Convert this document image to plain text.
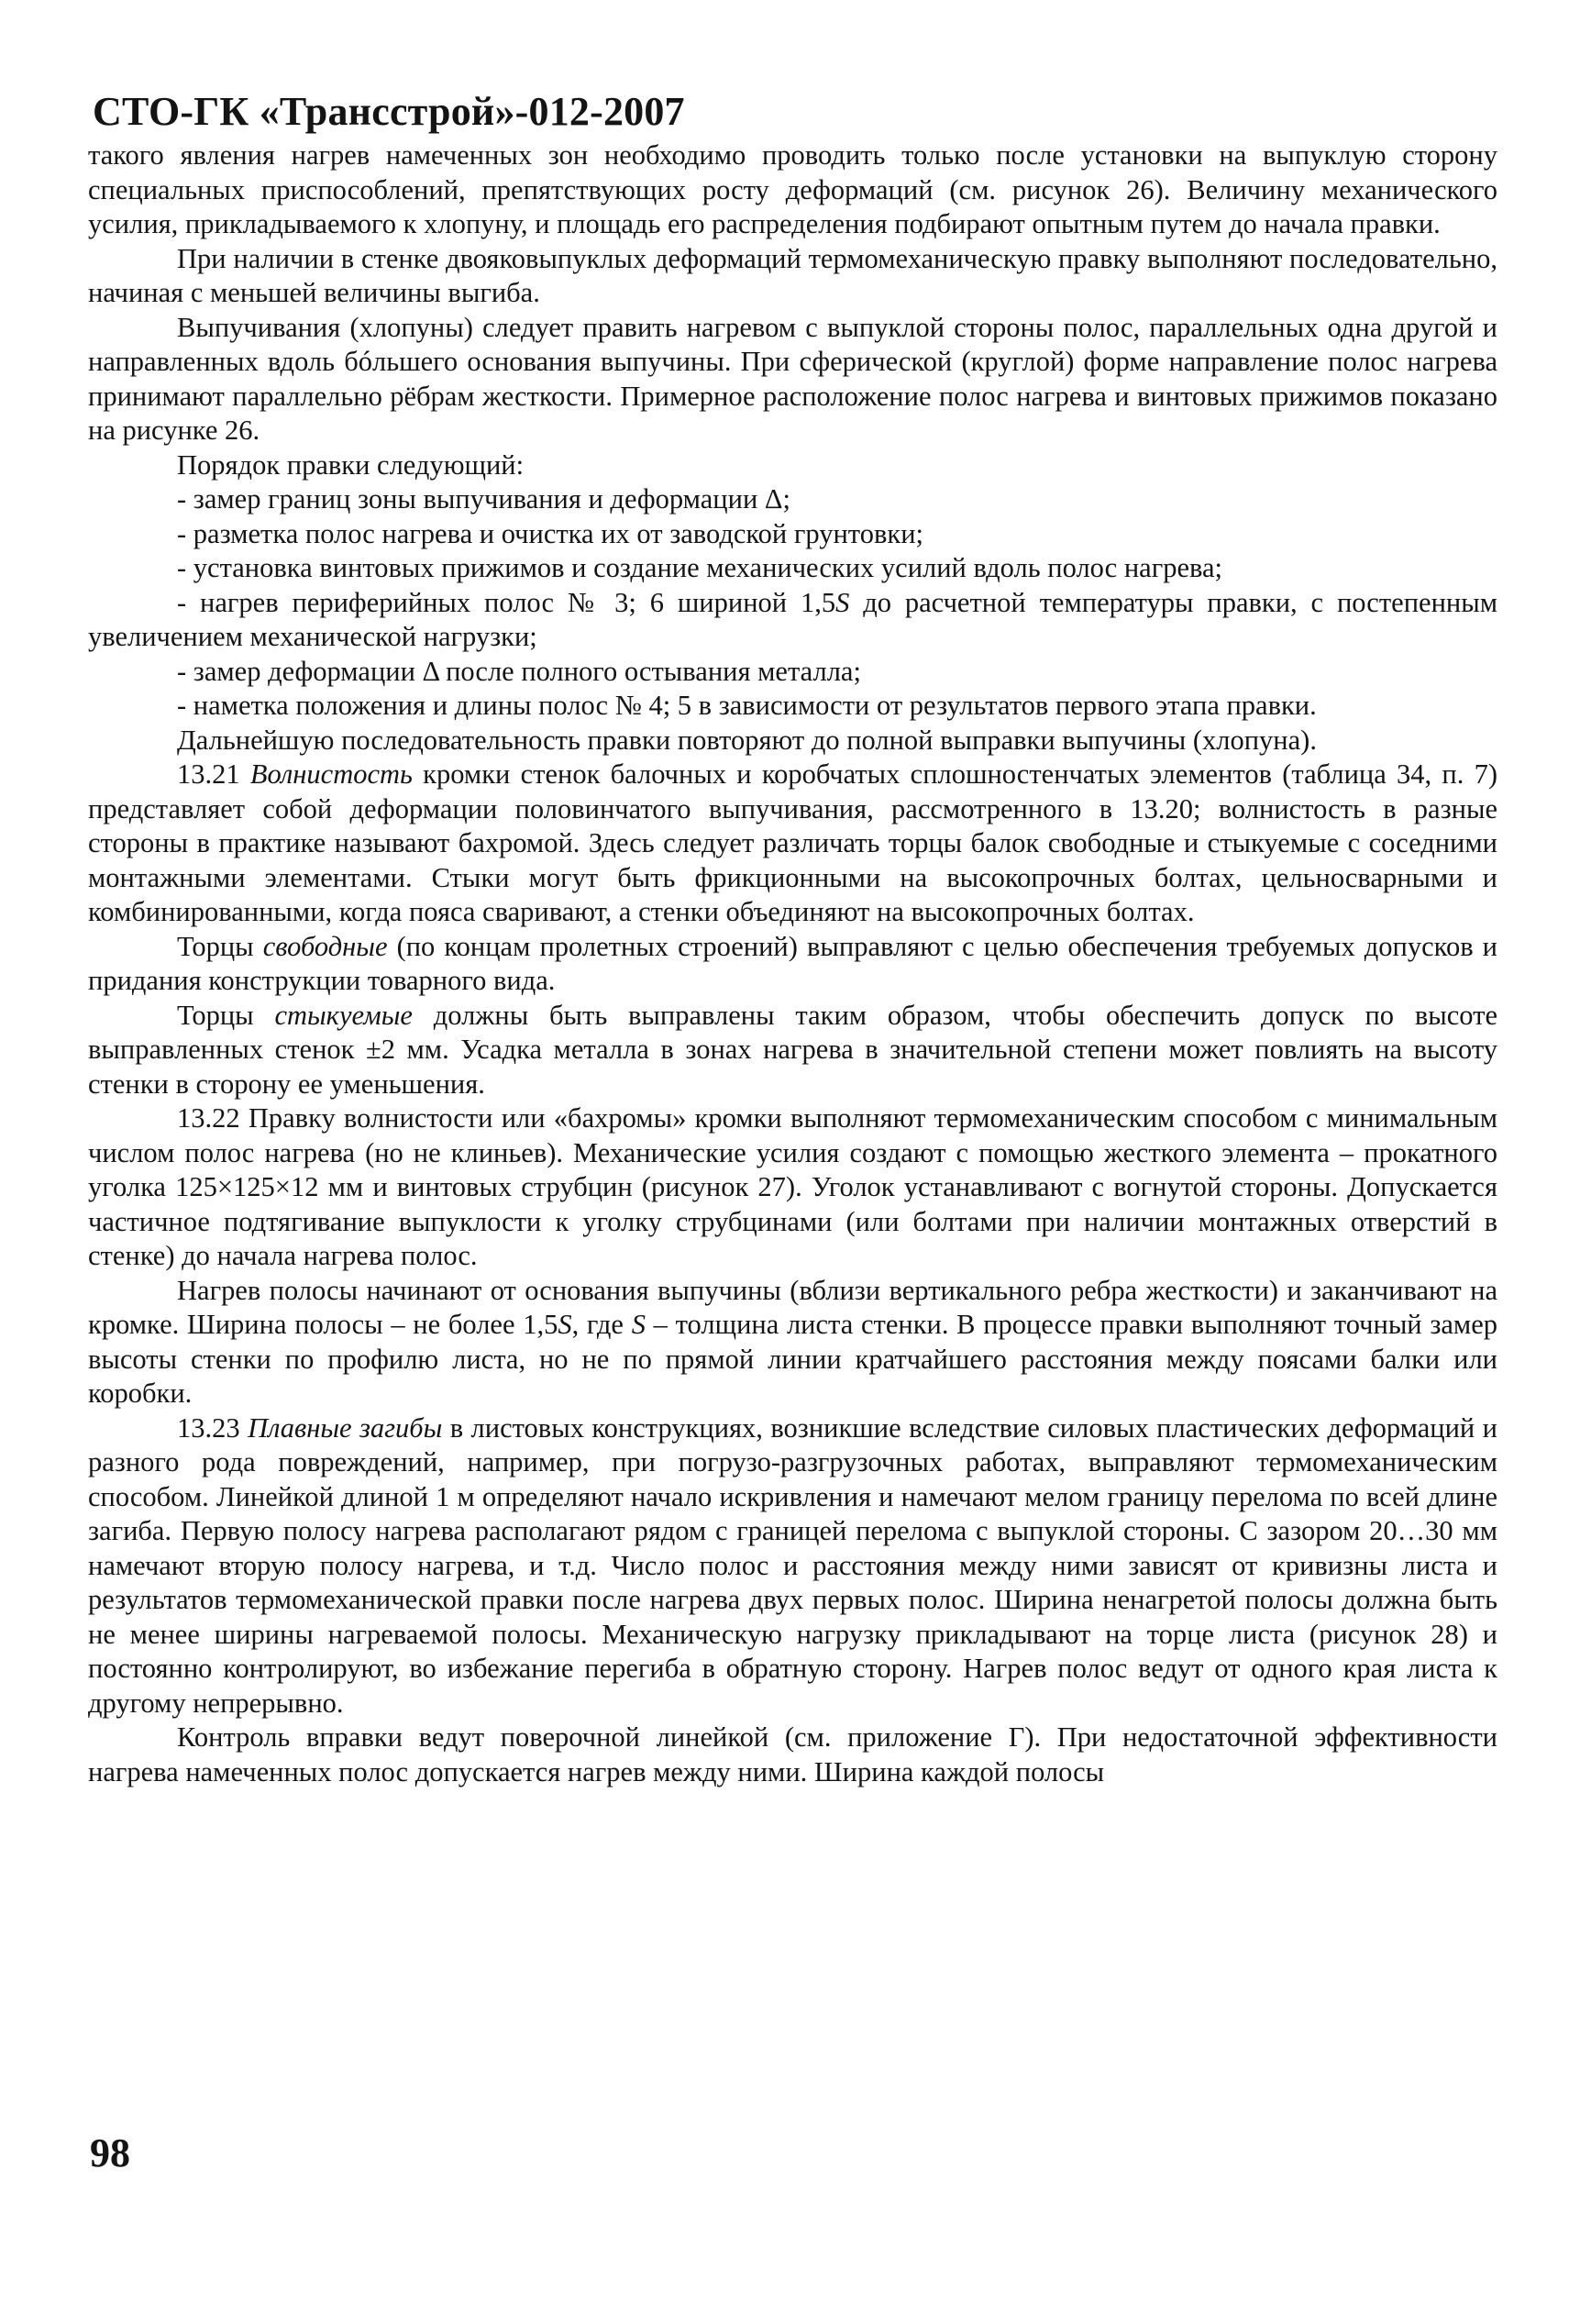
СТО-ГК «Трансстрой»-012-2007

такого явления нагрев намеченных зон необходимо проводить только после установки на выпуклую сторону специальных приспособлений, препятствующих росту деформаций (см. рисунок 26). Величину механического усилия, прикладываемого к хлопуну, и площадь его распределения подбирают опытным путем до начала правки.

При наличии в стенке двояковыпуклых деформаций термомеханическую правку выполняют последовательно, начиная с меньшей величины выгиба.

Выпучивания (хлопуны) следует править нагревом с выпуклой стороны полос, параллельных одна другой и направленных вдоль бóльшего основания выпучины. При сферической (круглой) форме направление полос нагрева принимают параллельно рёбрам жесткости. Примерное расположение полос нагрева и винтовых прижимов показано на рисунке 26.

Порядок правки следующий:

- замер границ зоны выпучивания и деформации Δ;

- разметка полос нагрева и очистка их от заводской грунтовки;

- установка винтовых прижимов и создание механических усилий вдоль полос нагрева;

- нагрев периферийных полос № 3; 6 шириной 1,5S до расчетной температуры правки, с постепенным увеличением механической нагрузки;

- замер деформации Δ после полного остывания металла;

- наметка положения и длины полос № 4; 5 в зависимости от результатов первого этапа правки.

Дальнейшую последовательность правки повторяют до полной выправки выпучины (хлопуна).

13.21 Волнистость кромки стенок балочных и коробчатых сплошностенчатых элементов (таблица 34, п. 7) представляет собой деформации половинчатого выпучивания, рассмотренного в 13.20; волнистость в разные стороны в практике называют бахромой. Здесь следует различать торцы балок свободные и стыкуемые с соседними монтажными элементами. Стыки могут быть фрикционными на высокопрочных болтах, цельносварными и комбинированными, когда пояса сваривают, а стенки объединяют на высокопрочных болтах.

Торцы свободные (по концам пролетных строений) выправляют с целью обеспечения требуемых допусков и придания конструкции товарного вида.

Торцы стыкуемые должны быть выправлены таким образом, чтобы обеспечить допуск по высоте выправленных стенок ±2 мм. Усадка металла в зонах нагрева в значительной степени может повлиять на высоту стенки в сторону ее уменьшения.

13.22 Правку волнистости или «бахромы» кромки выполняют термомеханическим способом с минимальным числом полос нагрева (но не клиньев). Механические усилия создают с помощью жесткого элемента – прокатного уголка 125×125×12 мм и винтовых струбцин (рисунок 27). Уголок устанавливают с вогнутой стороны. Допускается частичное подтягивание выпуклости к уголку струбцинами (или болтами при наличии монтажных отверстий в стенке) до начала нагрева полос.

Нагрев полосы начинают от основания выпучины (вблизи вертикального ребра жесткости) и заканчивают на кромке. Ширина полосы – не более 1,5S, где S – толщина листа стенки. В процессе правки выполняют точный замер высоты стенки по профилю листа, но не по прямой линии кратчайшего расстояния между поясами балки или коробки.

13.23 Плавные загибы в листовых конструкциях, возникшие вследствие силовых пластических деформаций и разного рода повреждений, например, при погрузо-разгрузочных работах, выправляют термомеханическим способом. Линейкой длиной 1 м определяют начало искривления и намечают мелом границу перелома по всей длине загиба. Первую полосу нагрева располагают рядом с границей перелома с выпуклой стороны. С зазором 20…30 мм намечают вторую полосу нагрева, и т.д. Число полос и расстояния между ними зависят от кривизны листа и результатов термомеханической правки после нагрева двух первых полос. Ширина ненагретой полосы должна быть не менее ширины нагреваемой полосы. Механическую нагрузку прикладывают на торце листа (рисунок 28) и постоянно контролируют, во избежание перегиба в обратную сторону. Нагрев полос ведут от одного края листа к другому непрерывно.

Контроль вправки ведут поверочной линейкой (см. приложение Г). При недостаточной эффективности нагрева намеченных полос допускается нагрев между ними. Ширина каждой полосы

98
